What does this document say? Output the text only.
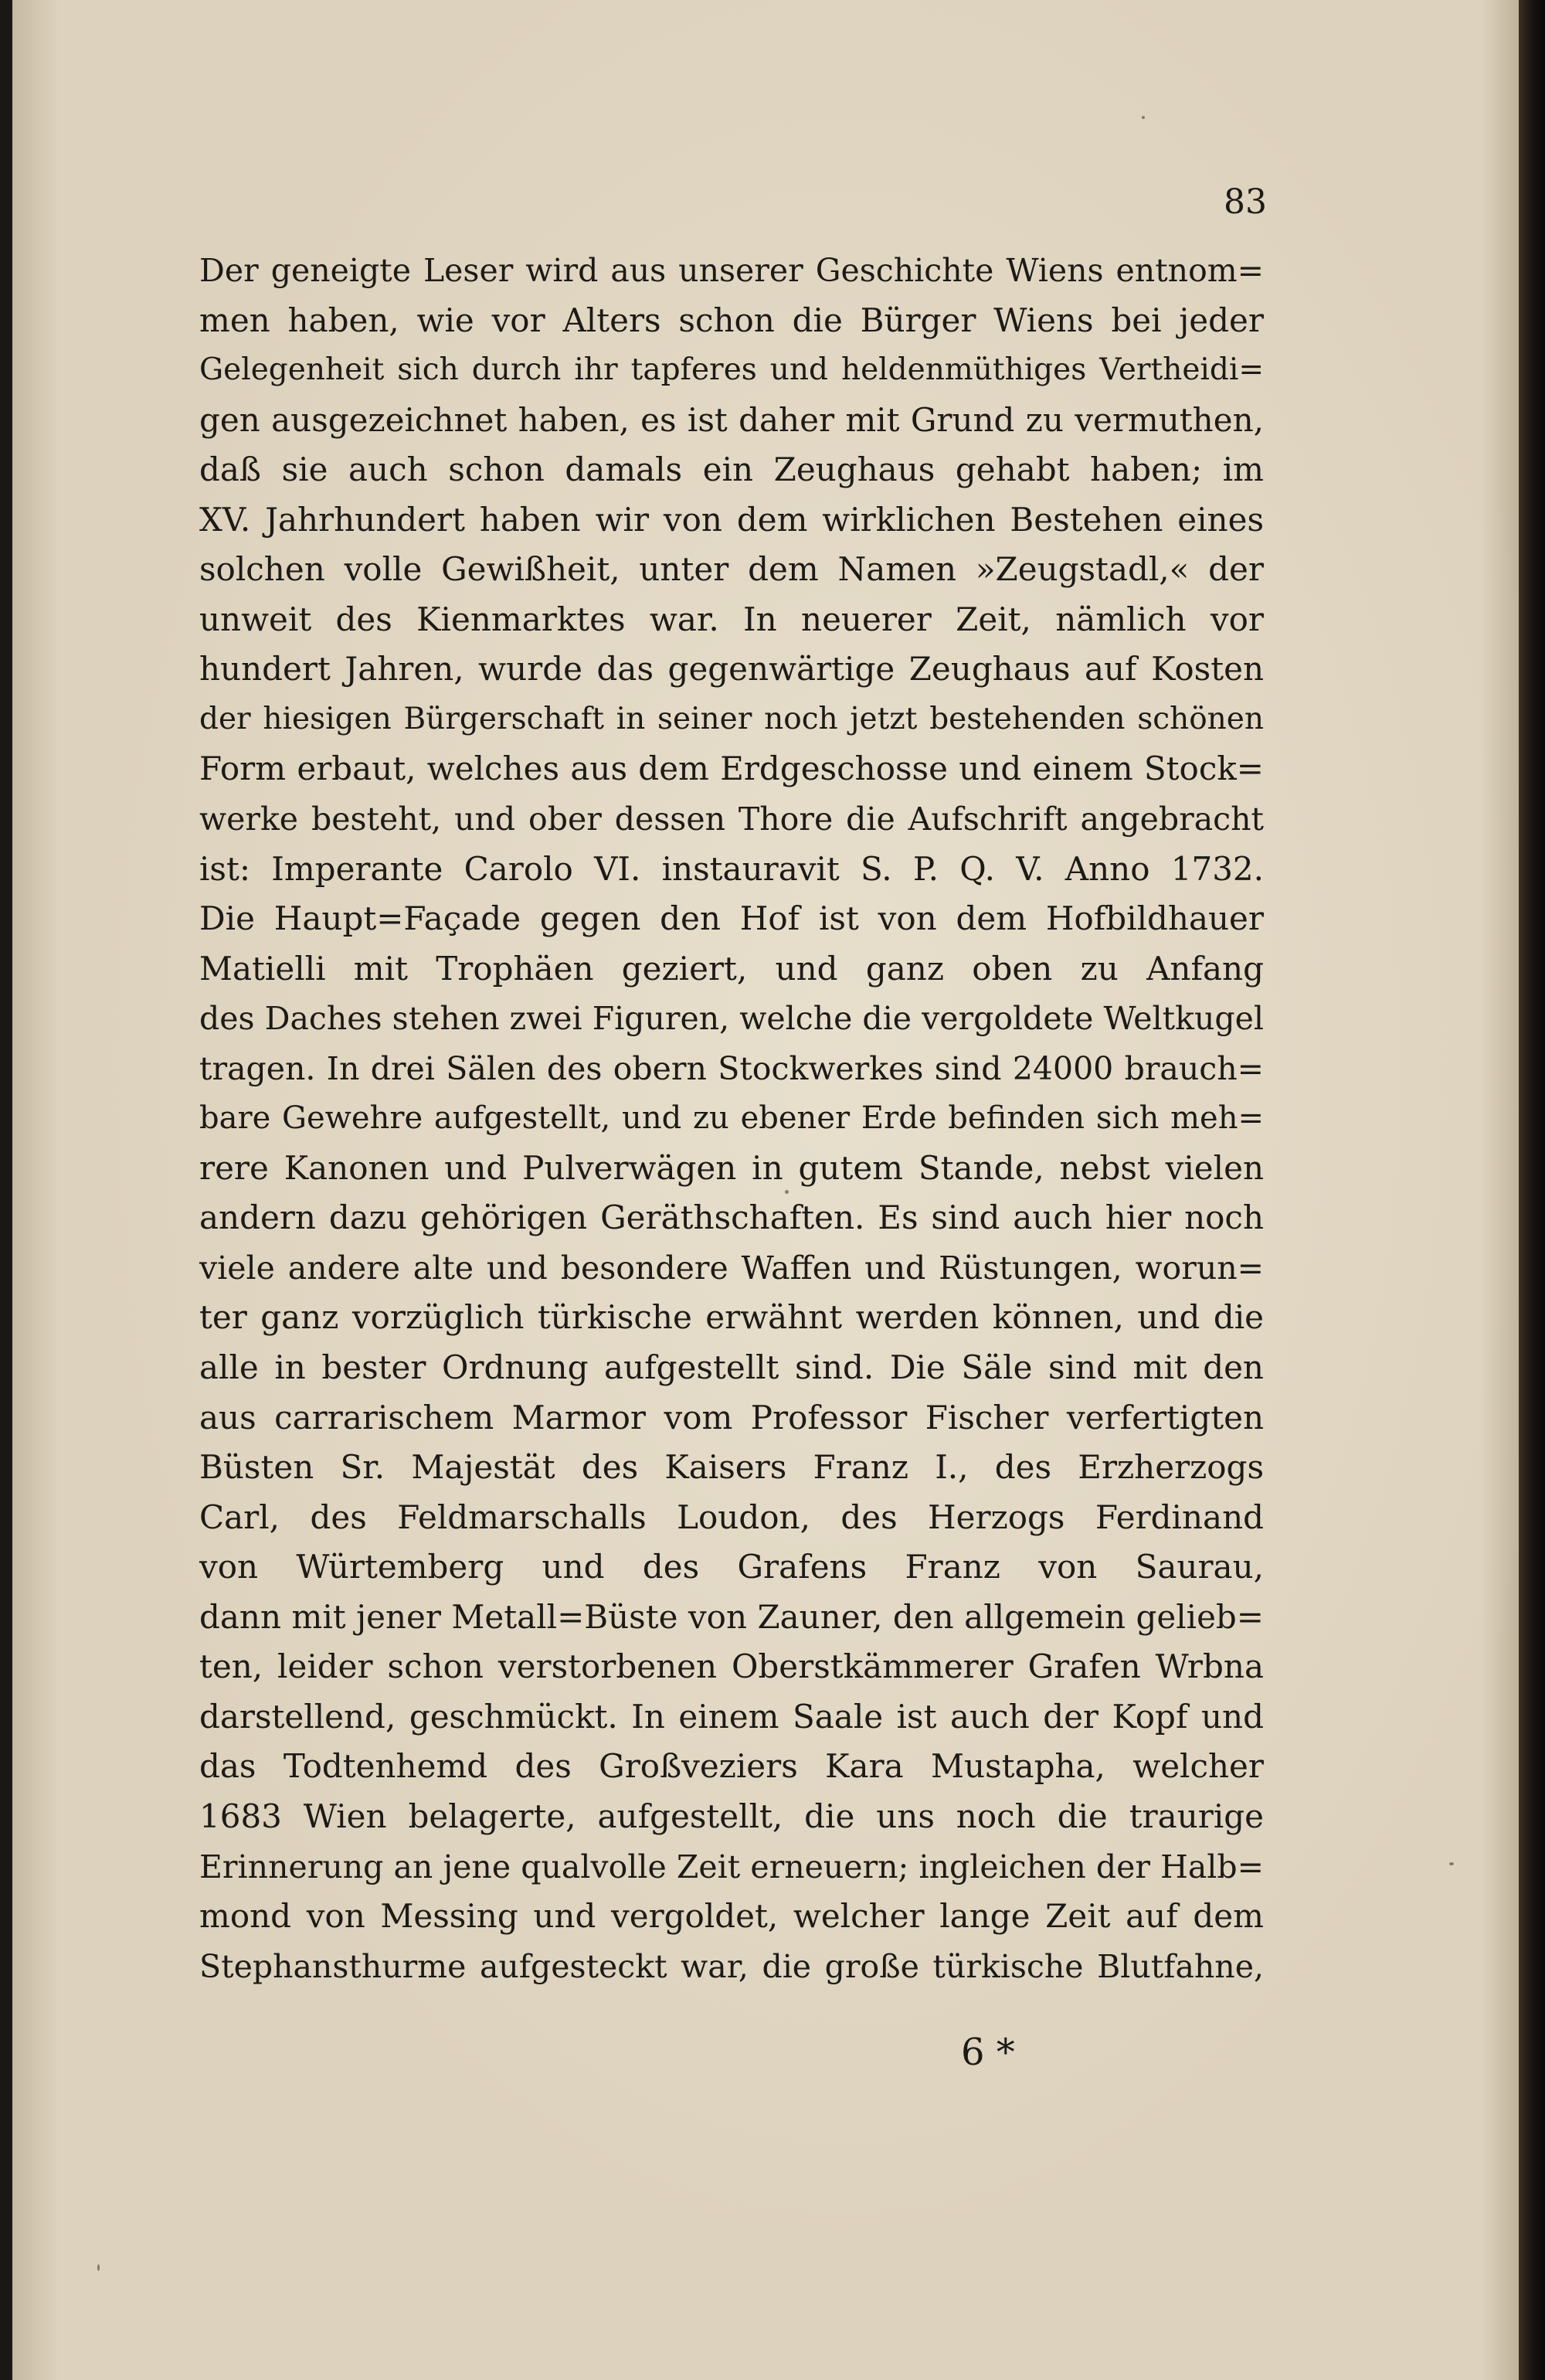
83

Der geneigte Leser wird aus unserer Geschichte Wiens entnom=
men haben, wie vor Alters schon die Bürger Wiens bei jeder
Gelegenheit sich durch ihr tapferes und heldenmüthiges Vertheidi=
gen ausgezeichnet haben, es ist daher mit Grund zu vermuthen,
daß sie auch schon damals ein Zeughaus gehabt haben; im
XV. Jahrhundert haben wir von dem wirklichen Bestehen eines
solchen volle Gewißheit, unter dem Namen »Zeugstadl,« der
unweit des Kienmarktes war. In neuerer Zeit, nämlich vor
hundert Jahren, wurde das gegenwärtige Zeughaus auf Kosten
der hiesigen Bürgerschaft in seiner noch jetzt bestehenden schönen
Form erbaut, welches aus dem Erdgeschosse und einem Stock=
werke besteht, und ober dessen Thore die Aufschrift angebracht
ist: Imperante Carolo VI. instauravit S. P. Q. V. Anno 1732.
Die Haupt=Façade gegen den Hof ist von dem Hofbildhauer
Matielli mit Trophäen geziert, und ganz oben zu Anfang
des Daches stehen zwei Figuren, welche die vergoldete Weltkugel
tragen. In drei Sälen des obern Stockwerkes sind 24000 brauch=
bare Gewehre aufgestellt, und zu ebener Erde befinden sich meh=
rere Kanonen und Pulverwägen in gutem Stande, nebst vielen
andern dazu gehörigen Geräthschaften. Es sind auch hier noch
viele andere alte und besondere Waffen und Rüstungen, worun=
ter ganz vorzüglich türkische erwähnt werden können, und die
alle in bester Ordnung aufgestellt sind. Die Säle sind mit den
aus carrarischem Marmor vom Professor Fischer verfertigten
Büsten Sr. Majestät des Kaisers Franz I., des Erzherzogs
Carl, des Feldmarschalls Loudon, des Herzogs Ferdinand
von Würtemberg und des Grafens Franz von Saurau,
dann mit jener Metall=Büste von Zauner, den allgemein gelieb=
ten, leider schon verstorbenen Oberstkämmerer Grafen Wrbna
darstellend, geschmückt. In einem Saale ist auch der Kopf und
das Todtenhemd des Großveziers Kara Mustapha, welcher
1683 Wien belagerte, aufgestellt, die uns noch die traurige
Erinnerung an jene qualvolle Zeit erneuern; ingleichen der Halb=
mond von Messing und vergoldet, welcher lange Zeit auf dem
Stephansthurme aufgesteckt war, die große türkische Blutfahne,

6 *
